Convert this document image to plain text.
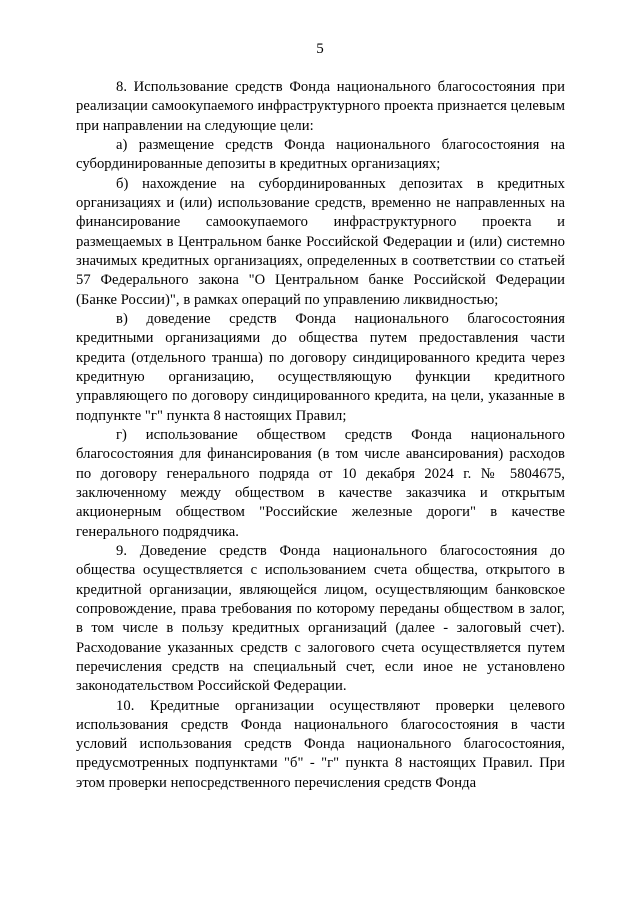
5

8. Использование средств Фонда национального благосостояния при реализации самоокупаемого инфраструктурного проекта признается целевым при направлении на следующие цели:

а) размещение средств Фонда национального благосостояния на субординированные депозиты в кредитных организациях;

б) нахождение на субординированных депозитах в кредитных организациях и (или) использование средств, временно не направленных на финансирование самоокупаемого инфраструктурного проекта и размещаемых в Центральном банке Российской Федерации и (или) системно значимых кредитных организациях, определенных в соответствии со статьей 57 Федерального закона "О Центральном банке Российской Федерации (Банке России)", в рамках операций по управлению ликвидностью;

в) доведение средств Фонда национального благосостояния кредитными организациями до общества путем предоставления части кредита (отдельного транша) по договору синдицированного кредита через кредитную организацию, осуществляющую функции кредитного управляющего по договору синдицированного кредита, на цели, указанные в подпункте "г" пункта 8 настоящих Правил;

г) использование обществом средств Фонда национального благосостояния для финансирования (в том числе авансирования) расходов по договору генерального подряда от 10 декабря 2024 г. № 5804675, заключенному между обществом в качестве заказчика и открытым акционерным обществом "Российские железные дороги" в качестве генерального подрядчика.

9. Доведение средств Фонда национального благосостояния до общества осуществляется с использованием счета общества, открытого в кредитной организации, являющейся лицом, осуществляющим банковское сопровождение, права требования по которому переданы обществом в залог, в том числе в пользу кредитных организаций (далее - залоговый счет). Расходование указанных средств с залогового счета осуществляется путем перечисления средств на специальный счет, если иное не установлено законодательством Российской Федерации.

10. Кредитные организации осуществляют проверки целевого использования средств Фонда национального благосостояния в части условий использования средств Фонда национального благосостояния, предусмотренных подпунктами "б" - "г" пункта 8 настоящих Правил. При этом проверки непосредственного перечисления средств Фонда
